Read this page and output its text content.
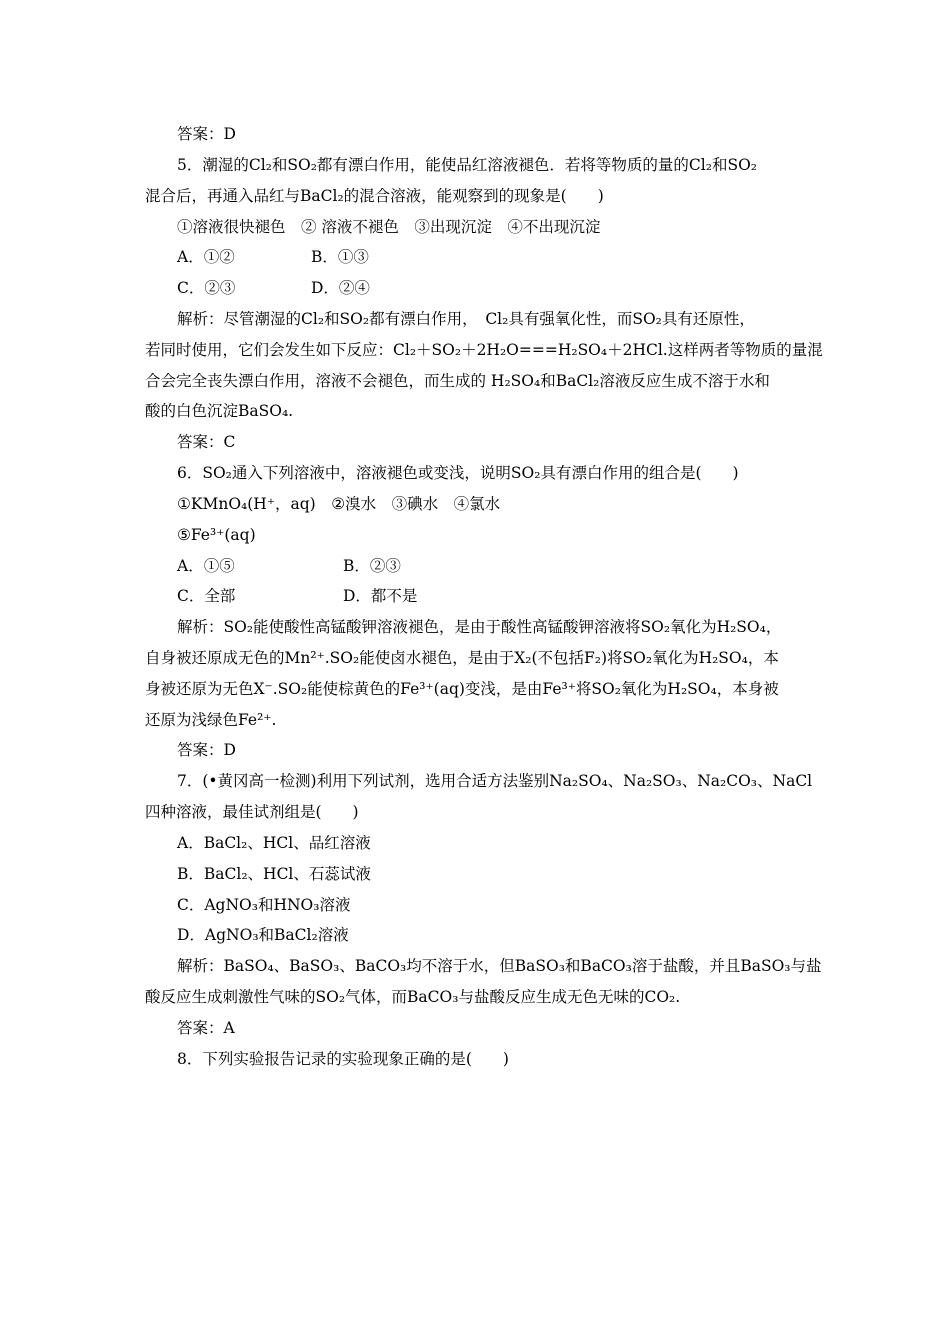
答案：D

5．潮湿的Cl₂和SO₂都有漂白作用，能使品红溶液褪色．若将等物质的量的Cl₂和SO₂

混合后，再通入品红与BaCl₂的混合溶液，能观察到的现象是(　　)

①溶液很快褪色　② 溶液不褪色　③出现沉淀　④不出现沉淀

A．①②	B．①③
C．②③	D．②④

解析：尽管潮湿的Cl₂和SO₂都有漂白作用，　Cl₂具有强氧化性，而SO₂具有还原性，

若同时使用，它们会发生如下反应：Cl₂＋SO₂＋2H₂O===H₂SO₄＋2HCl.这样两者等物质的量混

合会完全丧失漂白作用，溶液不会褪色，而生成的 H₂SO₄和BaCl₂溶液反应生成不溶于水和

酸的白色沉淀BaSO₄.

答案：C

6．SO₂通入下列溶液中，溶液褪色或变浅，说明SO₂具有漂白作用的组合是(　　)

①KMnO₄(H⁺，aq)　②溴水　③碘水　④氯水

⑤Fe³⁺(aq)

A．①⑤	B．②③
C．全部	D．都不是

解析：SO₂能使酸性高锰酸钾溶液褪色，是由于酸性高锰酸钾溶液将SO₂氧化为H₂SO₄，

自身被还原成无色的Mn²⁺.SO₂能使卤水褪色，是由于X₂(不包括F₂)将SO₂氧化为H₂SO₄，本

身被还原为无色X⁻.SO₂能使棕黄色的Fe³⁺(aq)变浅，是由Fe³⁺将SO₂氧化为H₂SO₄，本身被

还原为浅绿色Fe²⁺.

答案：D

7．(•黄冈高一检测)利用下列试剂，选用合适方法鉴别Na₂SO₄、Na₂SO₃、Na₂CO₃、NaCl

四种溶液，最佳试剂组是(　　)

A．BaCl₂、HCl、品红溶液

B．BaCl₂、HCl、石蕊试液

C．AgNO₃和HNO₃溶液

D．AgNO₃和BaCl₂溶液

解析：BaSO₄、BaSO₃、BaCO₃均不溶于水，但BaSO₃和BaCO₃溶于盐酸，并且BaSO₃与盐

酸反应生成刺激性气味的SO₂气体，而BaCO₃与盐酸反应生成无色无味的CO₂.

答案：A

8．下列实验报告记录的实验现象正确的是(　　)
